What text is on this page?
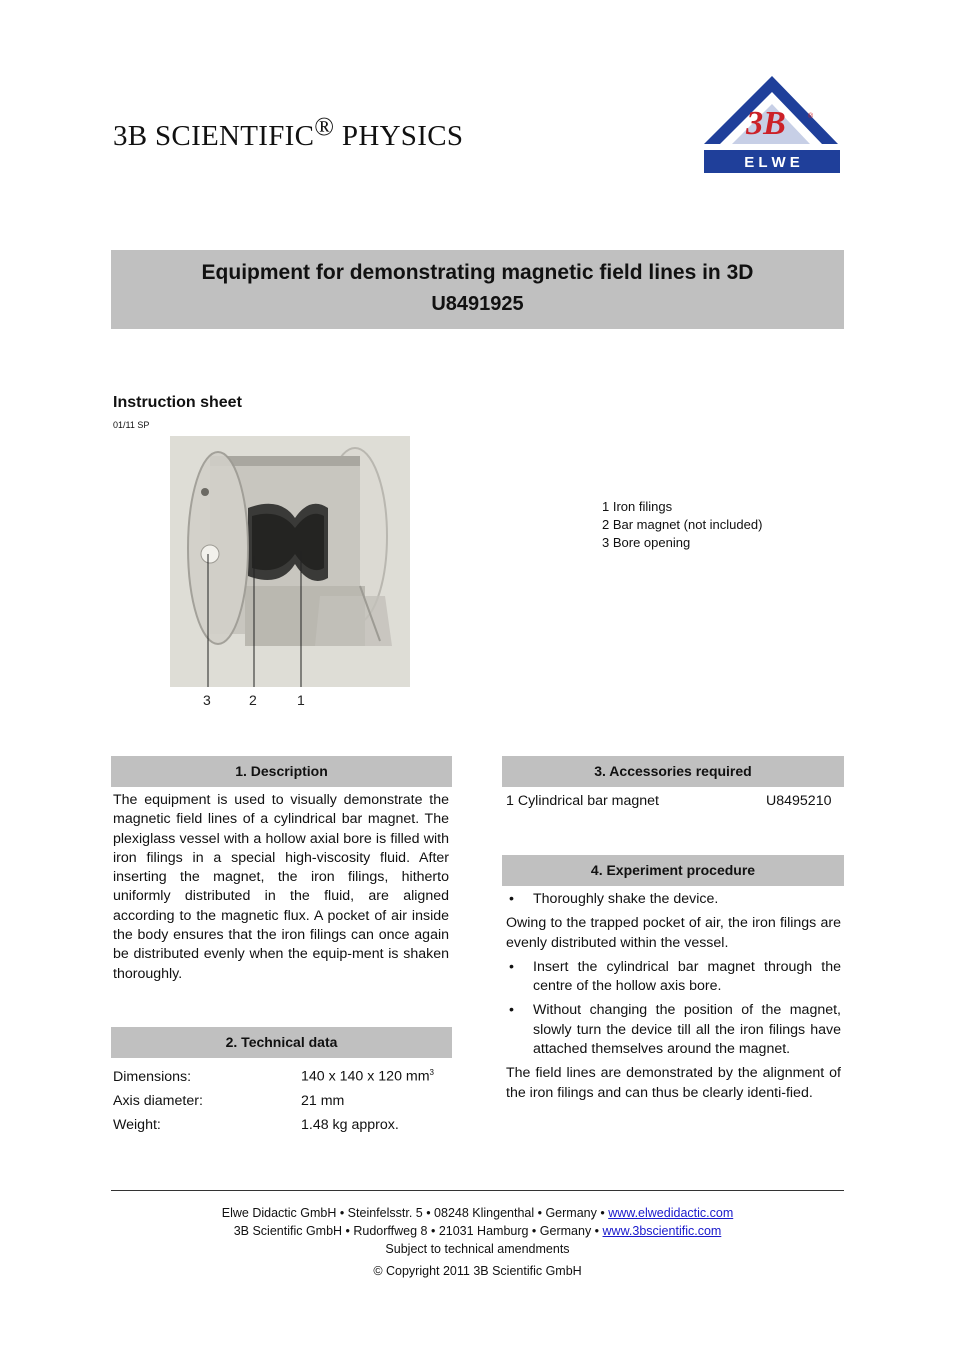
3B SCIENTIFIC® PHYSICS	3B	®
E L W E
Equipment for demonstrating magnetic field lines in 3D
U8491925
Instruction sheet
01/11 SP
3	2	1
1 Iron filings
2 Bar magnet (not included)
3 Bore opening
1. Description
The equipment is used to visually demonstrate the magnetic field lines of a cylindrical bar magnet. The plexiglass vessel with a hollow axial bore is filled with iron filings in a special high-viscosity fluid. After inserting the magnet, the iron filings, hitherto uniformly distributed in the fluid, are aligned according to the magnetic flux. A pocket of air inside the body ensures that the iron filings can once again be distributed evenly when the equip-ment is shaken thoroughly.
2. Technical data
Dimensions:	140 x 140 x 120 $mm^3$
Axis diameter:	21 mm
Weight:	1.48 kg approx.
3. Accessories required
1 Cylindrical bar magnet	U8495210
4. Experiment procedure
• Thoroughly shake the device.
Owing to the trapped pocket of air, the iron filings are evenly distributed within the vessel.
• Insert the cylindrical bar magnet through the centre of the hollow axis bore.
• Without changing the position of the magnet, slowly turn the device till all the iron filings have attached themselves around the magnet.
The field lines are demonstrated by the alignment of the iron filings and can thus be clearly identi-fied.
Elwe Didactic GmbH • Steinfelsstr. 5 • 08248 Klingenthal • Germany • www.elwedidactic.com
3B Scientific GmbH • Rudorffweg 8 • 21031 Hamburg • Germany • www.3bscientific.com
Subject to technical amendments
© Copyright 2011 3B Scientific GmbH
